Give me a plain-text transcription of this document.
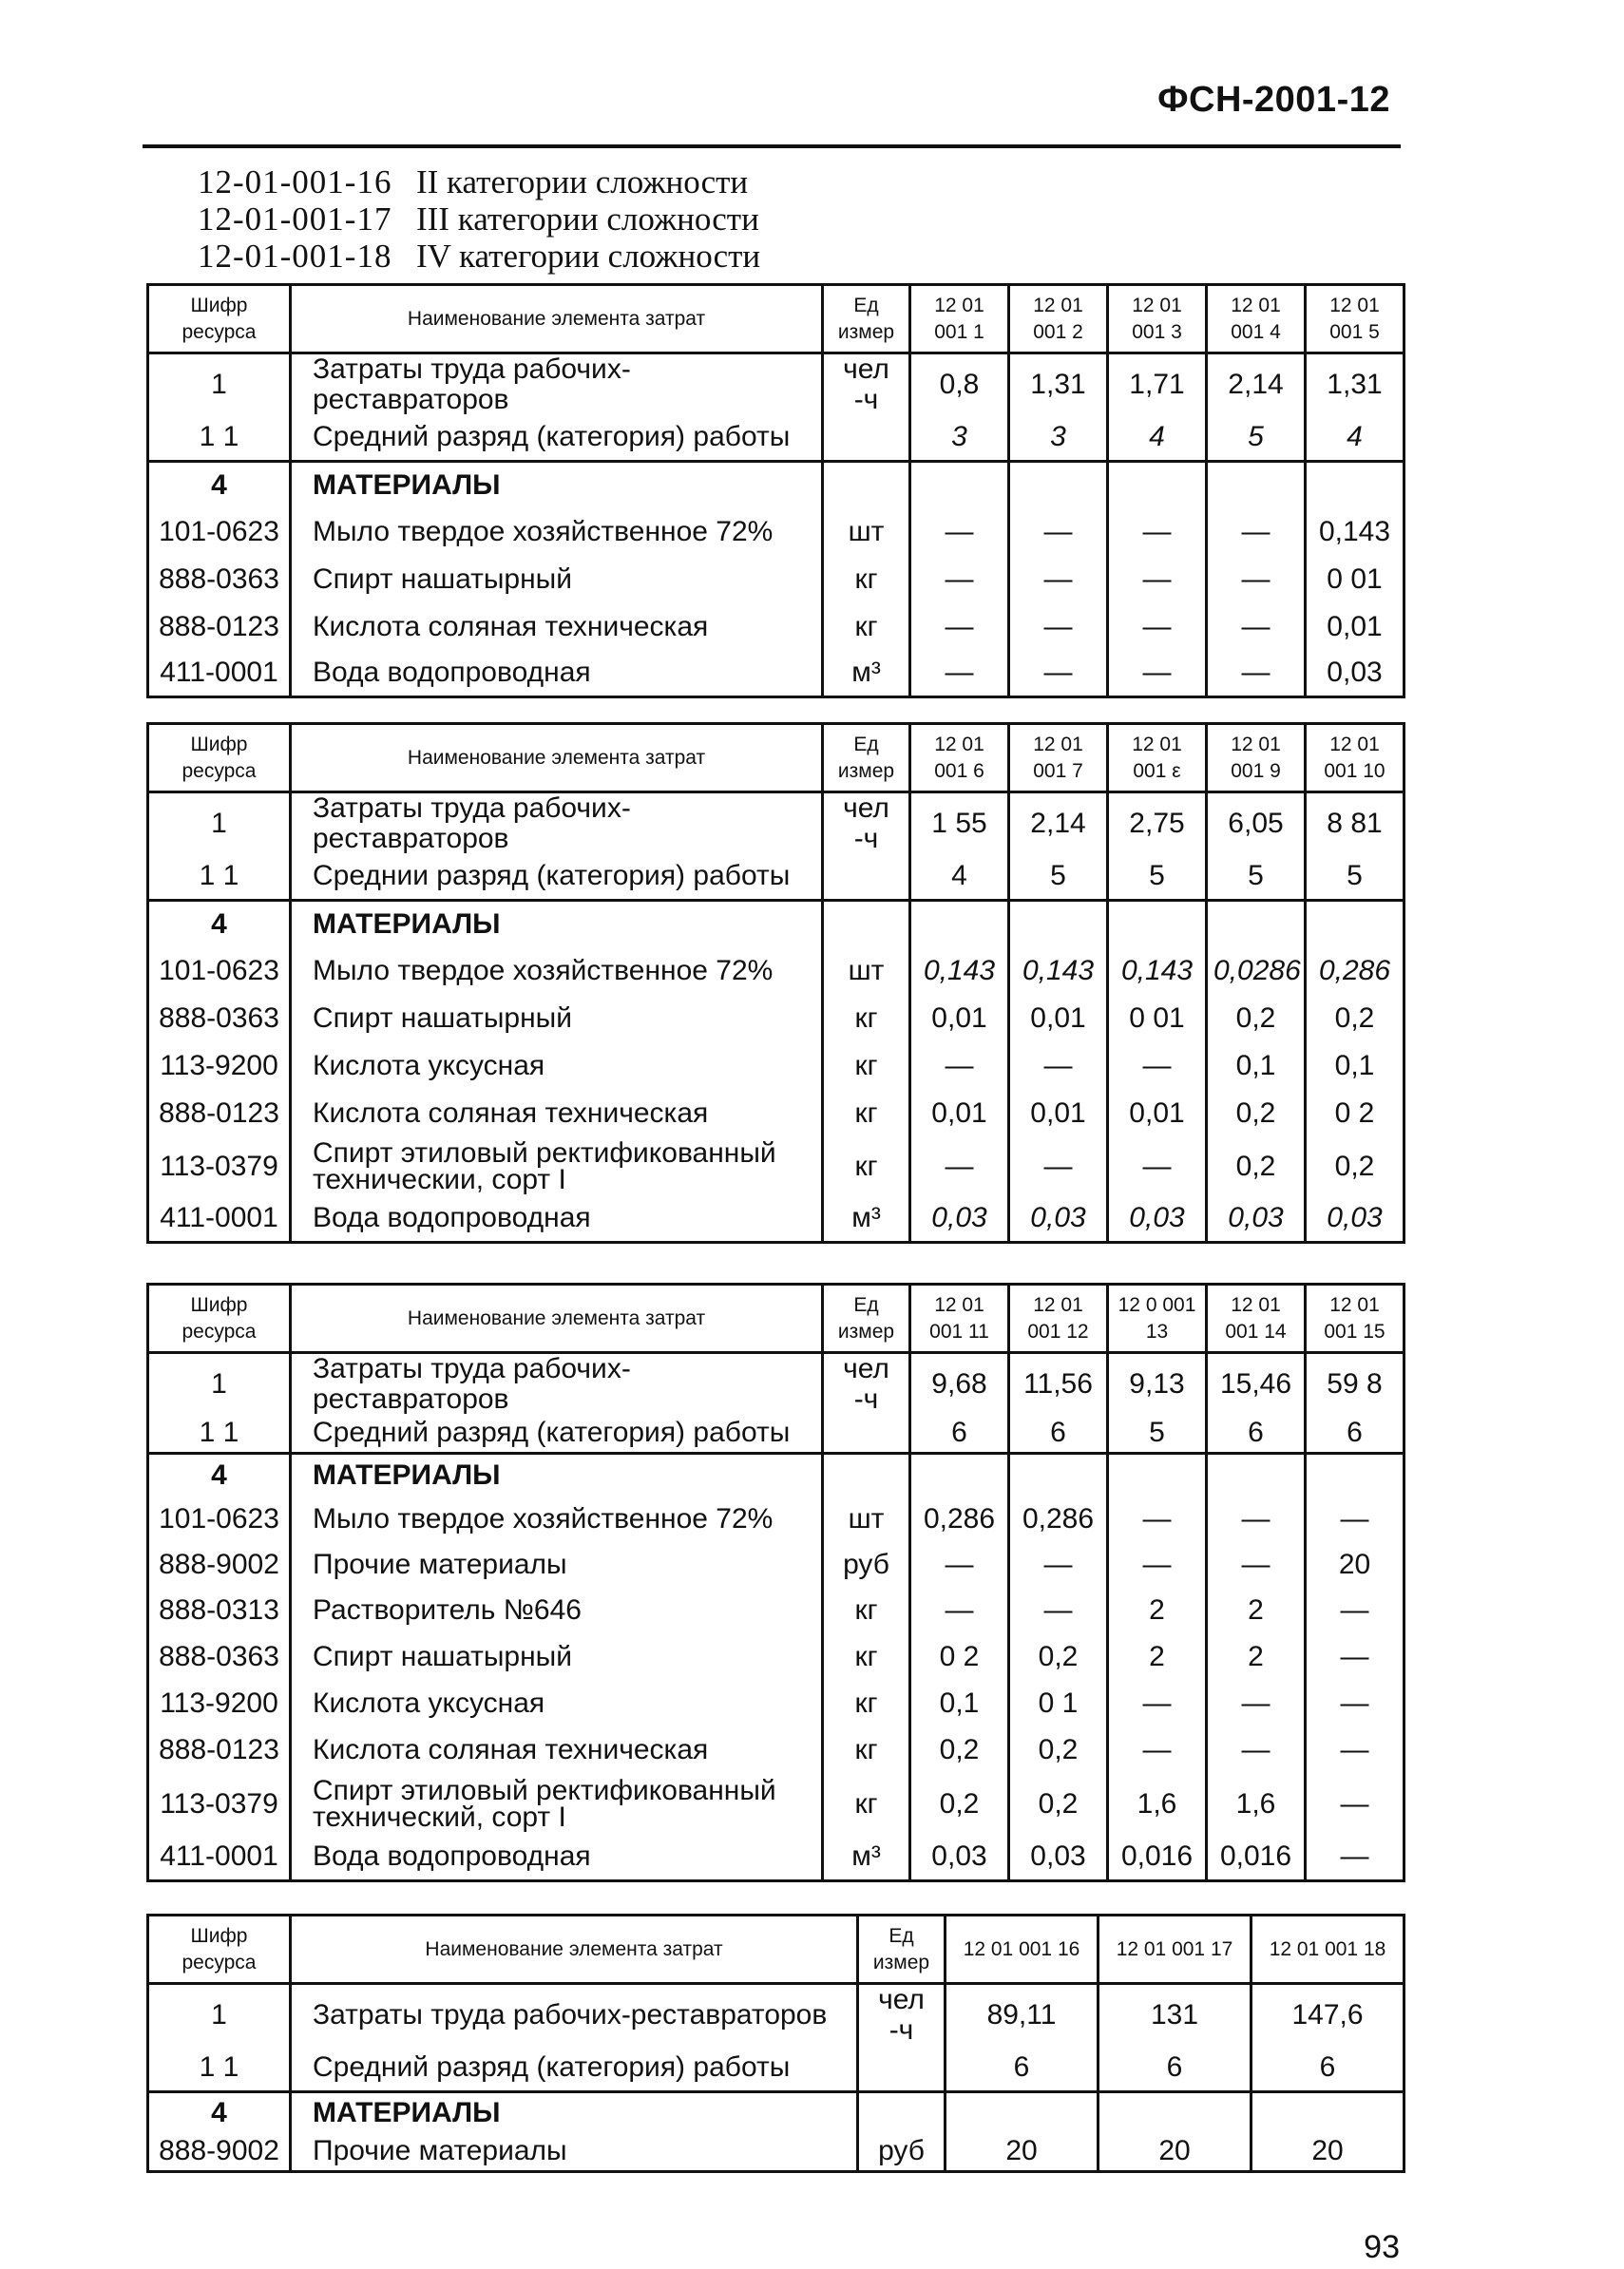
ФСН-2001-12
12-01-001-16 II категории сложности
12-01-001-17 III категории сложности
12-01-001-18 IV категории сложности
Шифр ресурса	Наименование элемента затрат	Ед измер	12 01 001 1	12 01 001 2	12 01 001 3	12 01 001 4	12 01 001 5
1	Затраты труда рабочих-реставраторов	чел -ч	0,8	1,31	1,71	2,14	1,31
1 1	Средний разряд (категория) работы		3	3	4	5	4
4	МАТЕРИАЛЫ						
101-0623	Мыло твердое хозяйственное 72%	шт	—	—	—	—	0,143
888-0363	Спирт нашатырный	кг	—	—	—	—	0 01
888-0123	Кислота соляная техническая	кг	—	—	—	—	0,01
411-0001	Вода водопроводная	м³	—	—	—	—	0,03
Шифр ресурса	Наименование элемента затрат	Ед измер	12 01 001 6	12 01 001 7	12 01 001 ε	12 01 001 9	12 01 001 10
1	Затраты труда рабочих-реставраторов	чел -ч	1 55	2,14	2,75	6,05	8 81
1 1	Среднии разряд (категория) работы		4	5	5	5	5
4	МАТЕРИАЛЫ						
101-0623	Мыло твердое хозяйственное 72%	шт	0,143	0,143	0,143	0,0286	0,286
888-0363	Спирт нашатырный	кг	0,01	0,01	0 01	0,2	0,2
113-9200	Кислота уксусная	кг	—	—	—	0,1	0,1
888-0123	Кислота соляная техническая	кг	0,01	0,01	0,01	0,2	0 2
113-0379	Спирт этиловый ректификованный техническии, сорт I	кг	—	—	—	0,2	0,2
411-0001	Вода водопроводная	м³	0,03	0,03	0,03	0,03	0,03
Шифр ресурса	Наименование элемента затрат	Ед измер	12 01 001 11	12 01 001 12	12 0 001 13	12 01 001 14	12 01 001 15
1	Затраты труда рабочих-реставраторов	чел -ч	9,68	11,56	9,13	15,46	59 8
1 1	Средний разряд (категория) работы		6	6	5	6	6
4	МАТЕРИАЛЫ						
101-0623	Мыло твердое хозяйственное 72%	шт	0,286	0,286	—	—	—
888-9002	Прочие материалы	руб	—	—	—	—	20
888-0313	Растворитель №646	кг	—	—	2	2	—
888-0363	Спирт нашатырный	кг	0 2	0,2	2	2	—
113-9200	Кислота уксусная	кг	0,1	0 1	—	—	—
888-0123	Кислота соляная техническая	кг	0,2	0,2	—	—	—
113-0379	Спирт этиловый ректификованный технический, сорт I	кг	0,2	0,2	1,6	1,6	—
411-0001	Вода водопроводная	м³	0,03	0,03	0,016	0,016	—
Шифр ресурса	Наименование элемента затрат	Ед измер	12 01 001 16	12 01 001 17	12 01 001 18
1	Затраты труда рабочих-реставраторов	чел -ч	89,11	131	147,6
1 1	Средний разряд (категория) работы		6	6	6
4	МАТЕРИАЛЫ				
888-9002	Прочие материалы	руб	20	20	20
93
